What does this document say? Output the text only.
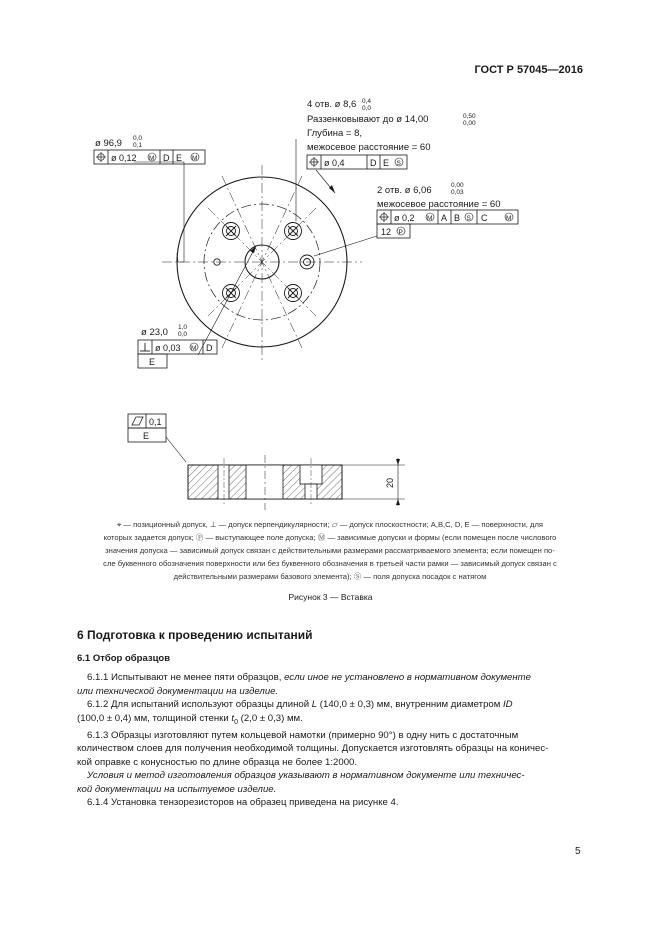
ГОСТ Р 57045—2016
4 отв. ø 8,6 0,4
0,0
Раззенковывают до ø 14,00	0,50
0,00
Глубина = 8,
межосевое расстояние = 60
ø 0,4	D E S
ø 96,9 0,0
0,1
ø 0,12 M D E M
2 отв. ø 6,06	0,00
0,03
межосевое расстояние = 60
ø 0,2 M A B S C	M
12 P
ø 23,0 1,0
0,0
ø 0,03 M D
E
0,1
E
20

⌖ — позиционный допуск, ⊥ — допуск перпендикулярности; ▱ — допуск плоскостности; A,B,C, D, E — поверхности, для

которых задается допуск; Ⓟ — выступающее поле допуска; Ⓜ — зависимые допуски и формы (если помещен после числового

значения допуска — зависимый допуск связан с действительными размерами рассматриваемого элемента; если помещен по-

сле буквенного обозначения поверхности или без буквенного обозначения в третьей части рамки — зависимый допуск связан с

действительными размерами базового элемента); Ⓢ — поля допуска посадок с натягом

Рисунок 3 — Вставка
6 Подготовка к проведению испытаний
6.1 Отбор образцов

6.1.1 Испытывают не менее пяти образцов, если иное не установлено в нормативном документе

или технической документации на изделие.

6.1.2 Для испытаний используют образцы длиной L (140,0 ± 0,3) мм, внутренним диаметром ID

(100,0 ± 0,4) мм, толщиной стенки $t_0$ (2,0 ± 0,3) мм.

6.1.3 Образцы изготовляют путем кольцевой намотки (примерно 90°) в одну нить с достаточным

количеством слоев для получения необходимой толщины. Допускается изготовлять образцы на коничес-

кой оправке с конусностью по длине образца не более 1:2000.

Условия и метод изготовления образцов указывают в нормативном документе или техничес-

кой документации на испытуемое изделие.

6.1.4 Установка тензорезисторов на образец приведена на рисунке 4.

5
